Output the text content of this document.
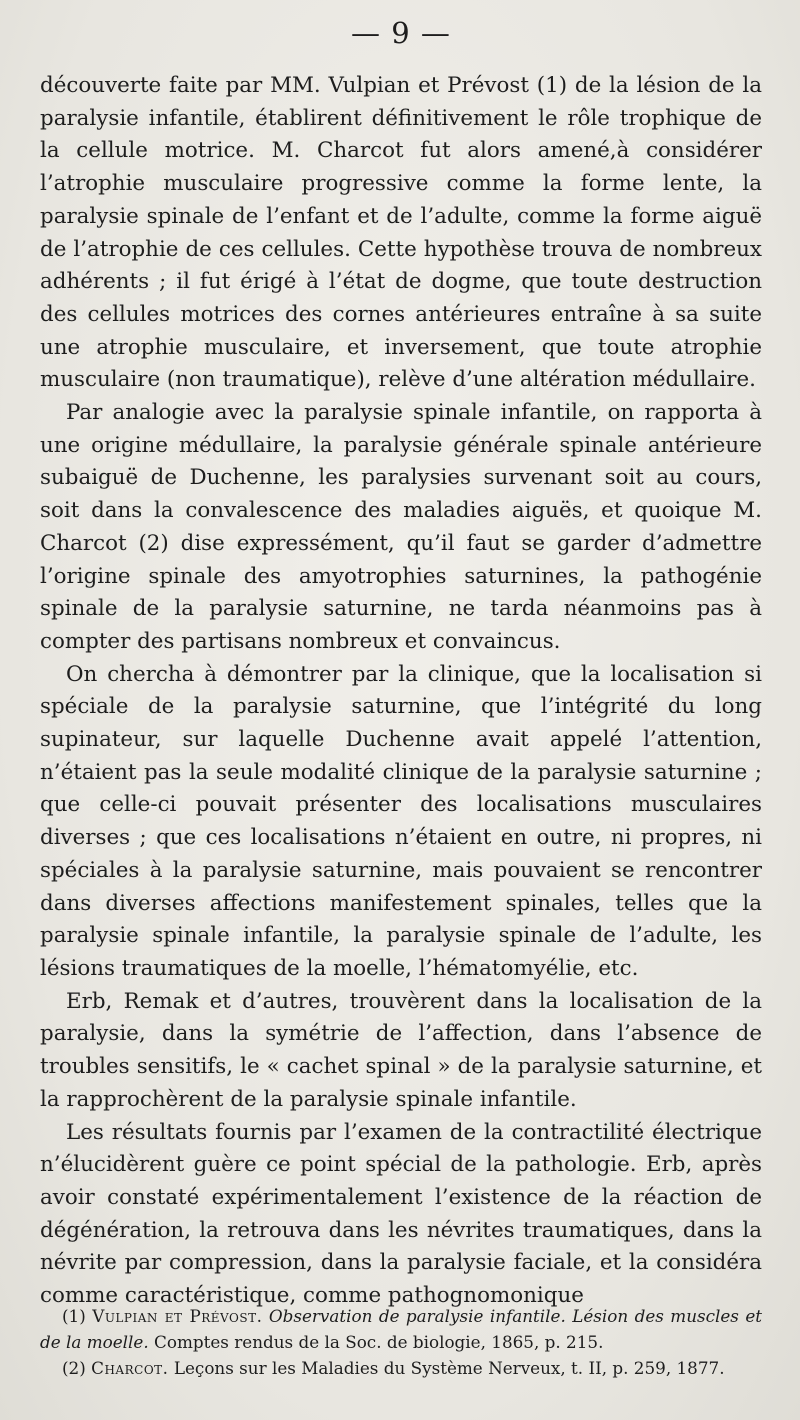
— 9 —

découverte faite par MM. Vulpian et Prévost (1) de la lésion de la paralysie infantile, établirent définitivement le rôle trophique de la cellule motrice. M. Charcot fut alors amené,à considérer l’atrophie musculaire progressive comme la forme lente, la paralysie spinale de l’enfant et de l’adulte, comme la forme aiguë de l’atrophie de ces cellules. Cette hypothèse trouva de nombreux adhérents ; il fut érigé à l’état de dogme, que toute destruction des cellules motrices des cornes antérieures entraîne à sa suite une atrophie musculaire, et inversement, que toute atrophie musculaire (non traumatique), relève d’une altération médullaire.

Par analogie avec la paralysie spinale infantile, on rapporta à une origine médullaire, la paralysie générale spinale antérieure subaiguë de Duchenne, les paralysies survenant soit au cours, soit dans la convalescence des maladies aiguës, et quoique M. Charcot (2) dise expressément, qu’il faut se garder d’admettre l’origine spinale des amyotrophies saturnines, la pathogénie spinale de la paralysie saturnine, ne tarda néanmoins pas à compter des partisans nombreux et convaincus.

On chercha à démontrer par la clinique, que la localisation si spéciale de la paralysie saturnine, que l’intégrité du long supinateur, sur laquelle Duchenne avait appelé l’attention, n’étaient pas la seule modalité clinique de la paralysie saturnine ; que celle-ci pouvait présenter des localisations musculaires diverses ; que ces localisations n’étaient en outre, ni propres, ni spéciales à la paralysie saturnine, mais pouvaient se rencontrer dans diverses affections manifestement spinales, telles que la paralysie spinale infantile, la paralysie spinale de l’adulte, les lésions traumatiques de la moelle, l’hématomyélie, etc.

Erb, Remak et d’autres, trouvèrent dans la localisation de la paralysie, dans la symétrie de l’affection, dans l’absence de troubles sensitifs, le « cachet spinal » de la paralysie saturnine, et la rapprochèrent de la paralysie spinale infantile.

Les résultats fournis par l’examen de la contractilité électrique n’élucidèrent guère ce point spécial de la pathologie. Erb, après avoir constaté expérimentalement l’existence de la réaction de dégénération, la retrouva dans les névrites traumatiques, dans la névrite par compression, dans la paralysie faciale, et la considéra comme caractéristique, comme pathognomonique

(1) Vulpian et Prévost. Observation de paralysie infantile. Lésion des muscles et de la moelle. Comptes rendus de la Soc. de biologie, 1865, p. 215.

(2) Charcot. Leçons sur les Maladies du Système Nerveux, t. II, p. 259, 1877.
